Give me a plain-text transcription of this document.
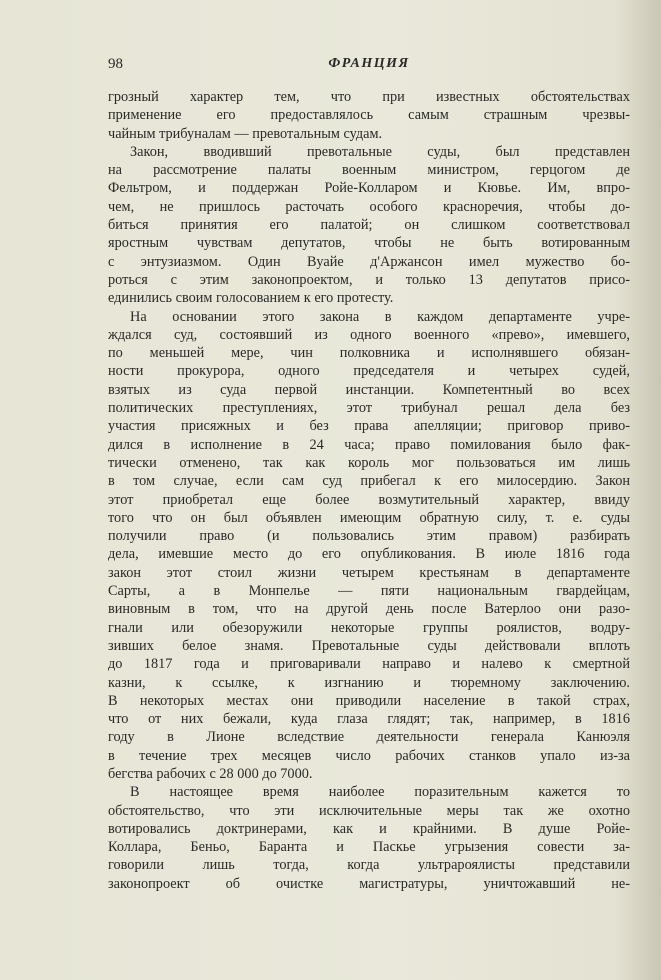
98	ФРАНЦИЯ
грозный характер тем, что при известных обстоятельствах
применение его предоставлялось самым страшным чрезвы-
чайным трибуналам — превотальным судам.
Закон, вводивший превотальные суды, был представлен
на рассмотрение палаты военным министром, герцогом де
Фельтром, и поддержан Ройе-Колларом и Кювье. Им, впро-
чем, не пришлось расточать особого красноречия, чтобы до-
биться принятия его палатой; он слишком соответствовал
яростным чувствам депутатов, чтобы не быть вотированным
с энтузиазмом. Один Вуайе д'Аржансон имел мужество бо-
роться с этим законопроектом, и только 13 депутатов присо-
единились своим голосованием к его протесту.
На основании этого закона в каждом департаменте учре-
ждался суд, состоявший из одного военного «прево», имевшего,
по меньшей мере, чин полковника и исполнявшего обязан-
ности прокурора, одного председателя и четырех судей,
взятых из суда первой инстанции. Компетентный во всех
политических преступлениях, этот трибунал решал дела без
участия присяжных и без права апелляции; приговор приво-
дился в исполнение в 24 часа; право помилования было фак-
тически отменено, так как король мог пользоваться им лишь
в том случае, если сам суд прибегал к его милосердию. Закон
этот приобретал еще более возмутительный характер, ввиду
того что он был объявлен имеющим обратную силу, т. е. суды
получили право (и пользовались этим правом) разбирать
дела, имевшие место до его опубликования. В июле 1816 года
закон этот стоил жизни четырем крестьянам в департаменте
Сарты, а в Монпелье — пяти национальным гвардейцам,
виновным в том, что на другой день после Ватерлоо они разо-
гнали или обезоружили некоторые группы роялистов, водру-
зивших белое знамя. Превотальные суды действовали вплоть
до 1817 года и приговаривали направо и налево к смертной
казни, к ссылке, к изгнанию и тюремному заключению.
В некоторых местах они приводили население в такой страх,
что от них бежали, куда глаза глядят; так, например, в 1816
году в Лионе вследствие деятельности генерала Канюэля
в течение трех месяцев число рабочих станков упало из-за
бегства рабочих с 28 000 до 7000.
В настоящее время наиболее поразительным кажется то
обстоятельство, что эти исключительные меры так же охотно
вотировались доктринерами, как и крайними. В душе Ройе-
Коллара, Беньо, Баранта и Паскье угрызения совести за-
говорили лишь тогда, когда ультрароялисты представили
законопроект об очистке магистратуры, уничтожавший не-
